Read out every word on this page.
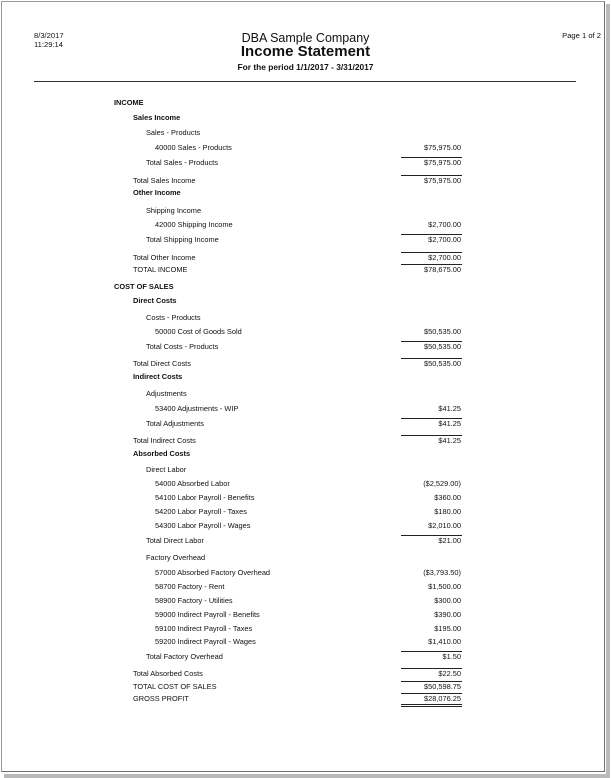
8/3/2017
11:29:14
Page 1 of 2
DBA Sample Company
Income Statement
For the period 1/1/2017 - 3/31/2017
INCOME
Sales Income
Sales - Products
40000 Sales - Products	$75,975.00
Total Sales - Products	$75,975.00
Total Sales Income	$75,975.00
Other Income
Shipping Income
42000 Shipping Income	$2,700.00
Total Shipping Income	$2,700.00
Total Other Income	$2,700.00
TOTAL INCOME	$78,675.00
COST OF SALES
Direct Costs
Costs - Products
50000 Cost of Goods Sold	$50,535.00
Total Costs - Products	$50,535.00
Total Direct Costs	$50,535.00
Indirect Costs
Adjustments
53400 Adjustments - WIP	$41.25
Total Adjustments	$41.25
Total Indirect Costs	$41.25
Absorbed Costs
Direct Labor
54000 Absorbed Labor	($2,529.00)
54100 Labor Payroll - Benefits	$360.00
54200 Labor Payroll - Taxes	$180.00
54300 Labor Payroll - Wages	$2,010.00
Total Direct Labor	$21.00
Factory Overhead
57000 Absorbed Factory Overhead	($3,793.50)
58700 Factory - Rent	$1,500.00
58900 Factory - Utilities	$300.00
59000 Indirect Payroll - Benefits	$390.00
59100 Indirect Payroll - Taxes	$195.00
59200 Indirect Payroll - Wages	$1,410.00
Total Factory Overhead	$1.50
Total Absorbed Costs	$22.50
TOTAL COST OF SALES	$50,598.75
GROSS PROFIT	$28,076.25
